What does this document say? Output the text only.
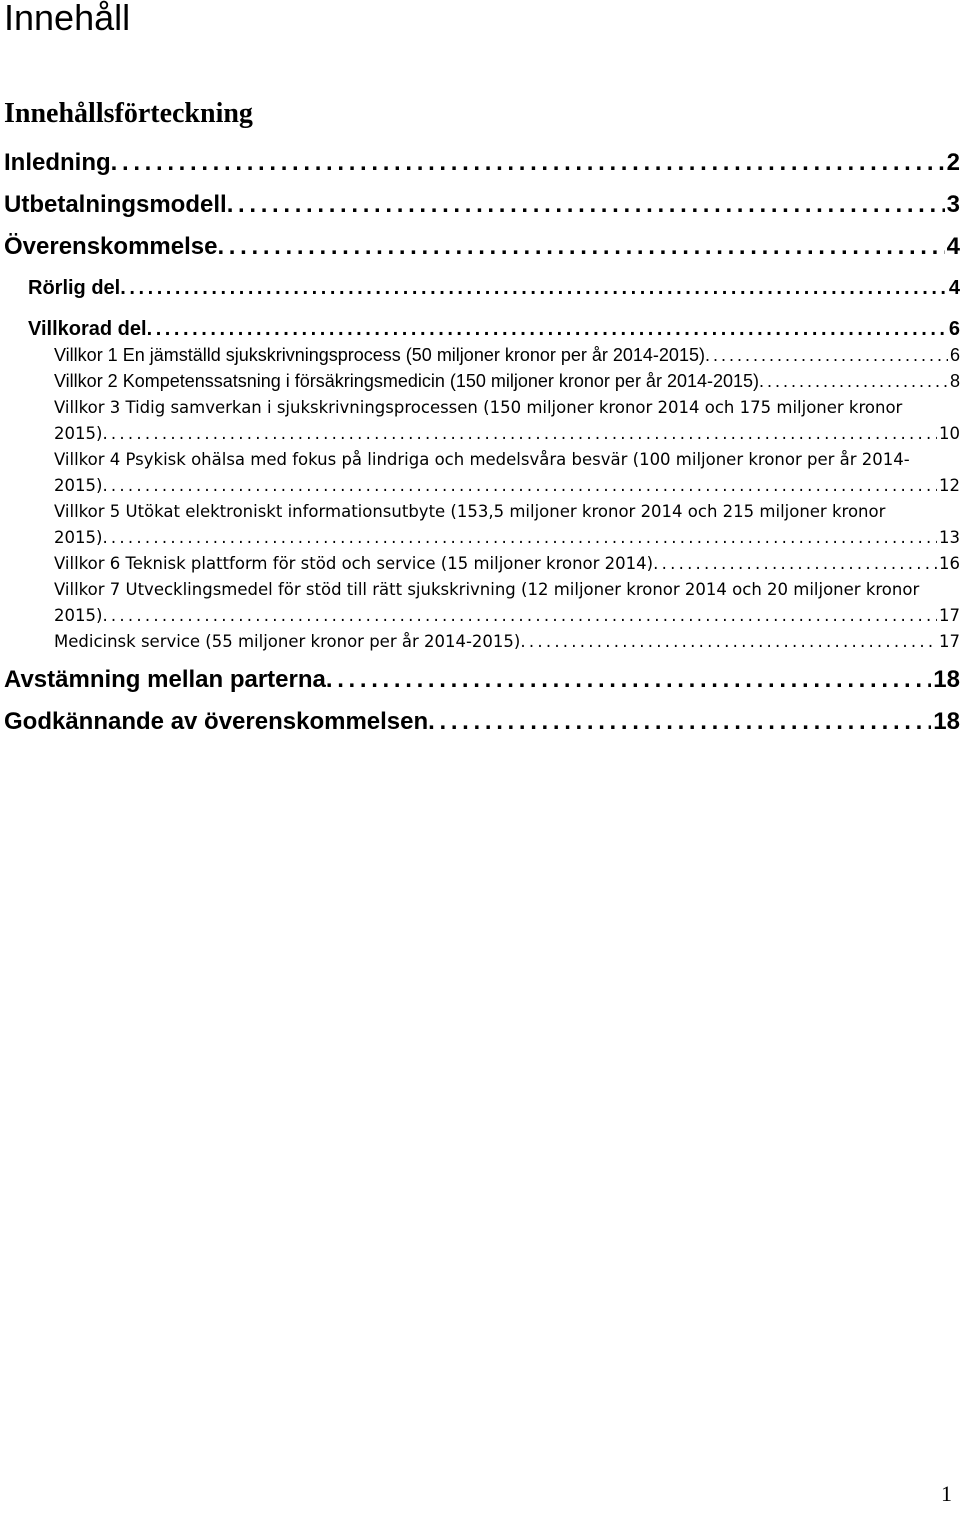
Innehåll
Innehållsförteckning
Inledning . . .	2
Utbetalningsmodell . . .	3
Överenskommelse . . .	4
Rörlig del . . .	4
Villkorad del . . .	6
Villkor 1 En jämställd sjukskrivningsprocess (50 miljoner kronor per år 2014-2015) . . .	6
Villkor 2 Kompetenssatsning i försäkringsmedicin (150 miljoner kronor per år 2014-2015) . . .	8
Villkor 3 Tidig samverkan i sjukskrivningsprocessen (150 miljoner kronor 2014 och 175 miljoner kronor
2015) . . .	10
Villkor 4 Psykisk ohälsa med fokus på lindriga och medelsvåra besvär (100 miljoner kronor per år 2014-
2015) . . .	12
Villkor 5 Utökat elektroniskt informationsutbyte (153,5 miljoner kronor 2014 och 215 miljoner kronor
2015) . . .	13
Villkor 6 Teknisk plattform för stöd och service (15 miljoner kronor 2014) . . .	16
Villkor 7 Utvecklingsmedel för stöd till rätt sjukskrivning (12 miljoner kronor 2014 och 20 miljoner kronor
2015) . . .	17
Medicinsk service (55 miljoner kronor per år 2014-2015) . . .	17
Avstämning mellan parterna . . .	18
Godkännande av överenskommelsen . . .	18

1
